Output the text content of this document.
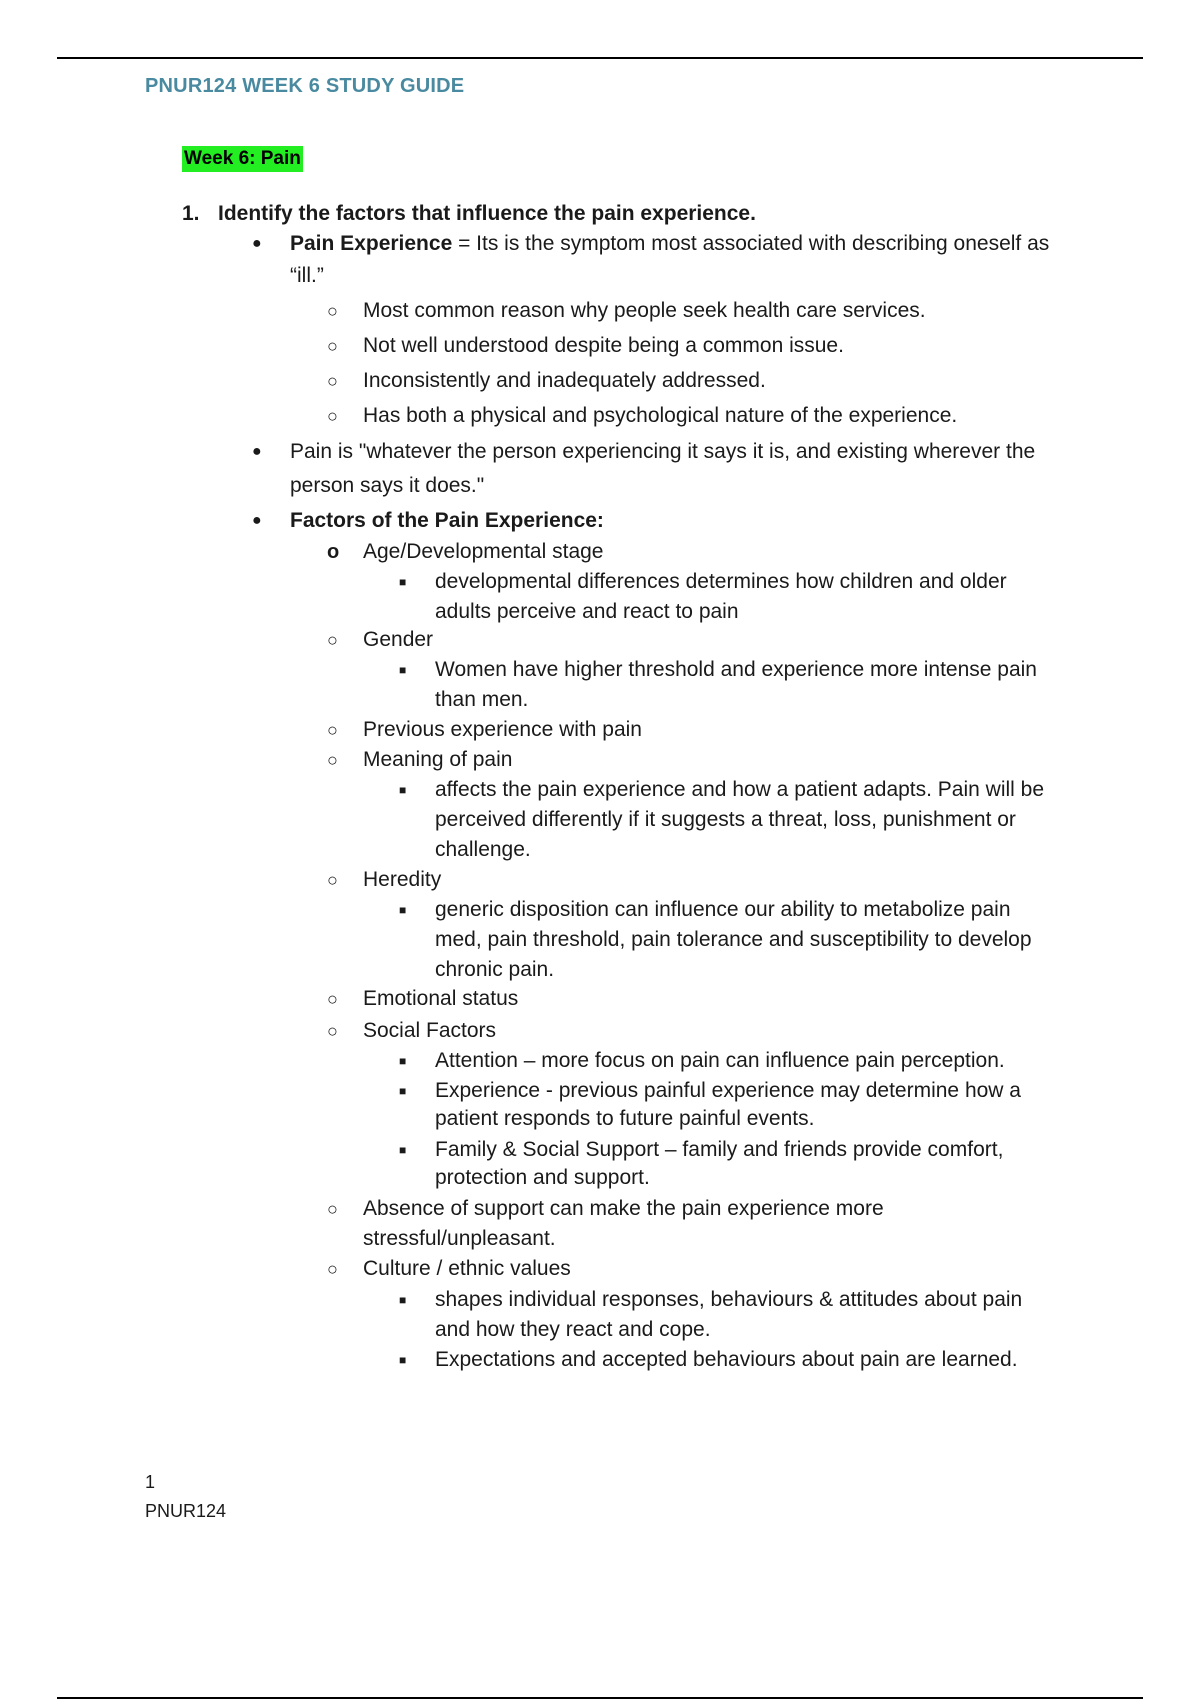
PNUR124 WEEK 6 STUDY GUIDE
Week 6: Pain
1. Identify the factors that influence the pain experience.
● Pain Experience = Its is the symptom most associated with describing oneself as
“ill.”
○ Most common reason why people seek health care services.
○ Not well understood despite being a common issue.
○ Inconsistently and inadequately addressed.
○ Has both a physical and psychological nature of the experience.
● Pain is "whatever the person experiencing it says it is, and existing wherever the
person says it does."
● Factors of the Pain Experience:
o Age/Developmental stage
■ developmental differences determines how children and older
adults perceive and react to pain
○ Gender
■ Women have higher threshold and experience more intense pain
than men.
○ Previous experience with pain
○ Meaning of pain
■ affects the pain experience and how a patient adapts. Pain will be
perceived differently if it suggests a threat, loss, punishment or
challenge.
○ Heredity
■ generic disposition can influence our ability to metabolize pain
med, pain threshold, pain tolerance and susceptibility to develop
chronic pain.
○ Emotional status
○ Social Factors
■ Attention – more focus on pain can influence pain perception.
■ Experience - previous painful experience may determine how a
patient responds to future painful events.
■ Family & Social Support – family and friends provide comfort,
protection and support.
○ Absence of support can make the pain experience more
stressful/unpleasant.
○ Culture / ethnic values
■ shapes individual responses, behaviours & attitudes about pain
and how they react and cope.
■ Expectations and accepted behaviours about pain are learned.
1
PNUR124
